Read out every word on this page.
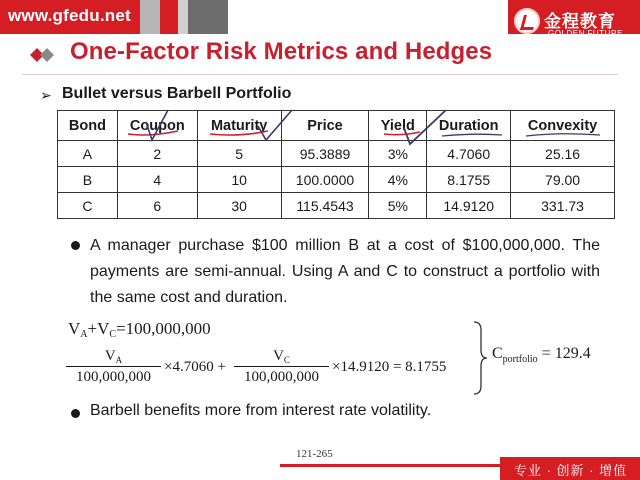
www.gfedu.net	金程教育
GOLDEN FUTURE
One-Factor Risk Metrics and Hedges
➢ Bullet versus Barbell Portfolio
Bond	Coupon	Maturity	Price	Yield	Duration	Convexity
A	2	5	95.3889	3%	4.7060	25.16
B	4	10	100.0000	4%	8.1755	79.00
C	6	30	115.4543	5%	14.9120	331.73
A manager purchase $100 million B at a cost of $100,000,000. The payments are semi-annual. Using A and C to construct a portfolio with the same cost and duration.
$V_A+V_C=100,000,000$
$V_A$
100,000,000
×4.7060 +
$V_C$
100,000,000
×14.9120 = 8.1755
$C_{portfolio} = 129.4$
Barbell benefits more from interest rate volatility.
121-265
专业 · 创新 · 增值
